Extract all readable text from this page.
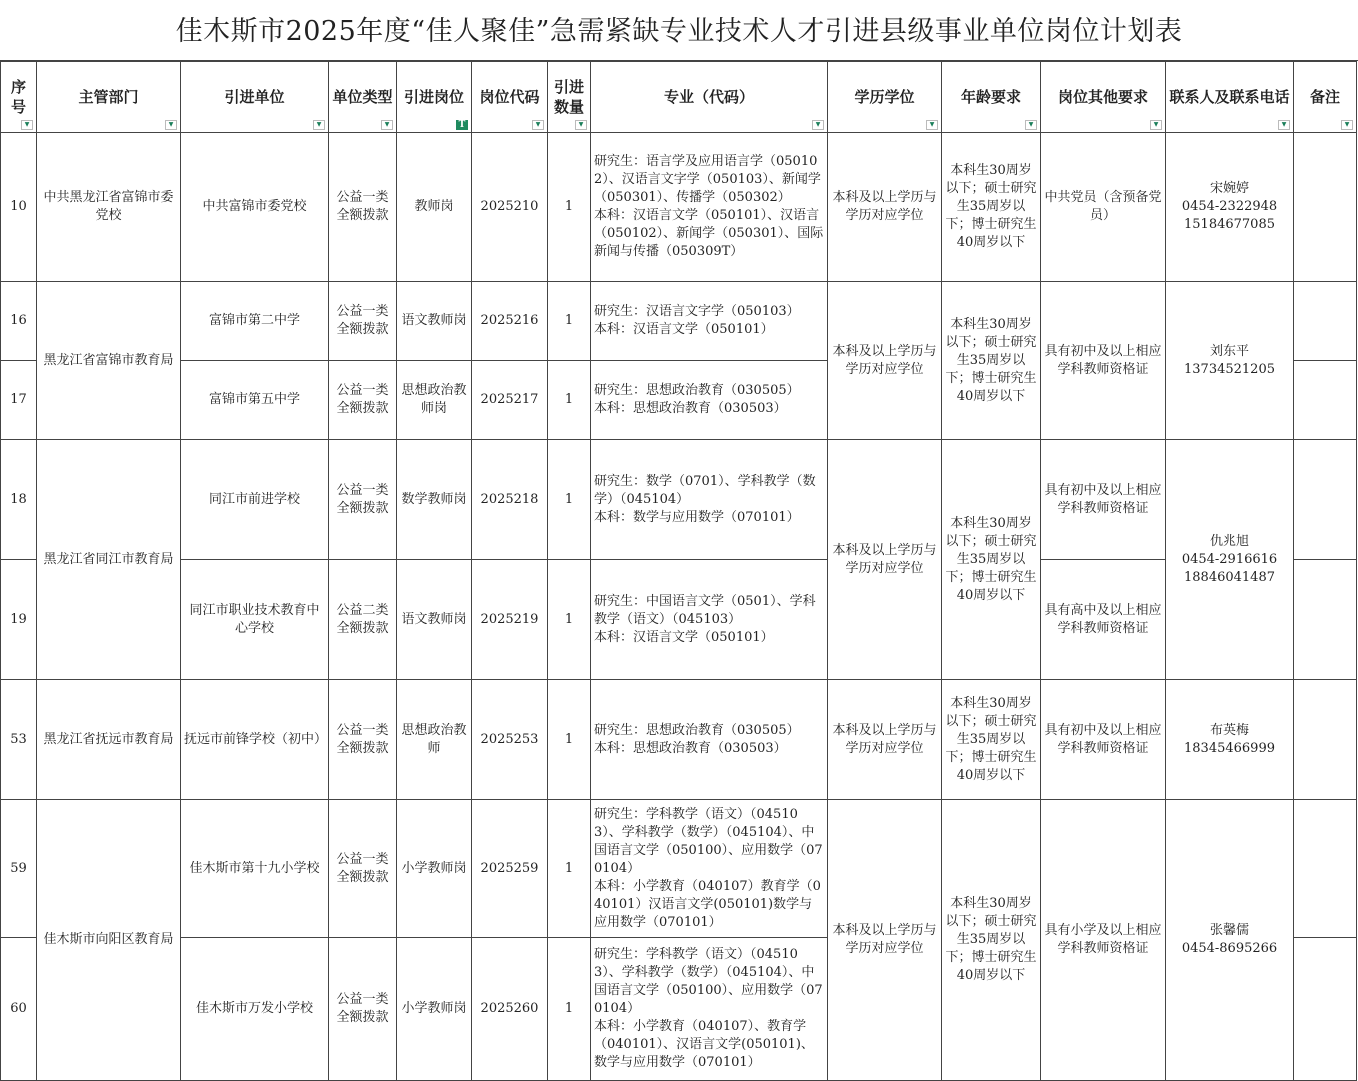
佳木斯市2025年度“佳人聚佳”急需紧缺专业技术人才引进县级事业单位岗位计划表
序号
▼	主管部门
▼	引进单位
▼	单位类型
▼	引进岗位
T	岗位代码
▼	引进数量
▼	专业（代码）
▼	学历学位
▼	年龄要求
▼	岗位其他要求
▼	联系人及联系电话
▼	备注
▼

10	中共黑龙江省富锦市委党校	中共富锦市委党校	公益一类全额拨款	教师岗	2025210	1	研究生：语言学及应用语言学（050102）、汉语言文字学（050103）、新闻学（050301）、传播学（050302）
本科：汉语言文学（050101）、汉语言（050102）、新闻学（050301）、国际新闻与传播（050309T）	本科及以上学历与学历对应学位	本科生30周岁以下；硕士研究生35周岁以下；博士研究生40周岁以下	中共党员（含预备党员）	宋婉婷
0454-2322948
15184677085	
16	黑龙江省富锦市教育局	富锦市第二中学	公益一类全额拨款	语文教师岗	2025216	1	研究生：汉语言文字学（050103）
本科：汉语言文学（050101）	本科及以上学历与学历对应学位	本科生30周岁以下；硕士研究生35周岁以下；博士研究生40周岁以下	具有初中及以上相应学科教师资格证	刘东平
13734521205	
17		富锦市第五中学	公益一类全额拨款	思想政治教师岗	2025217	1	研究生：思想政治教育（030505）
本科：思想政治教育（030503）					
18	黑龙江省同江市教育局	同江市前进学校	公益一类全额拨款	数学教师岗	2025218	1	研究生：数学（0701）、学科教学（数学）（045104）
本科：数学与应用数学（070101）	本科及以上学历与学历对应学位	本科生30周岁以下；硕士研究生35周岁以下；博士研究生40周岁以下	具有初中及以上相应学科教师资格证	仇兆旭
0454-2916616
18846041487	
19		同江市职业技术教育中心学校	公益二类全额拨款	语文教师岗	2025219	1	研究生：中国语言文学（0501）、学科教学（语文）（045103）
本科：汉语言文学（050101）			具有高中及以上相应学科教师资格证		
53	黑龙江省抚远市教育局	抚远市前锋学校（初中）	公益一类全额拨款	思想政治教师	2025253	1	研究生：思想政治教育（030505）
本科：思想政治教育（030503）	本科及以上学历与学历对应学位	本科生30周岁以下；硕士研究生35周岁以下；博士研究生40周岁以下	具有初中及以上相应学科教师资格证	布英梅
18345466999	
59	佳木斯市向阳区教育局	佳木斯市第十九小学校	公益一类全额拨款	小学教师岗	2025259	1	研究生：学科教学（语文）（045103）、学科教学（数学）（045104）、中国语言文学（050100）、应用数学（070104）
本科：小学教育（040107）教育学（040101）汉语言文学(050101)数学与应用数学（070101）	本科及以上学历与学历对应学位	本科生30周岁以下；硕士研究生35周岁以下；博士研究生40周岁以下	具有小学及以上相应学科教师资格证	张馨儒
0454-8695266	
60		佳木斯市万发小学校	公益一类全额拨款	小学教师岗	2025260	1	研究生：学科教学（语文）（045103）、学科教学（数学）（045104）、中国语言文学（050100）、应用数学（070104）
本科：小学教育（040107）、教育学（040101）、汉语言文学(050101)、数学与应用数学（070101）					
